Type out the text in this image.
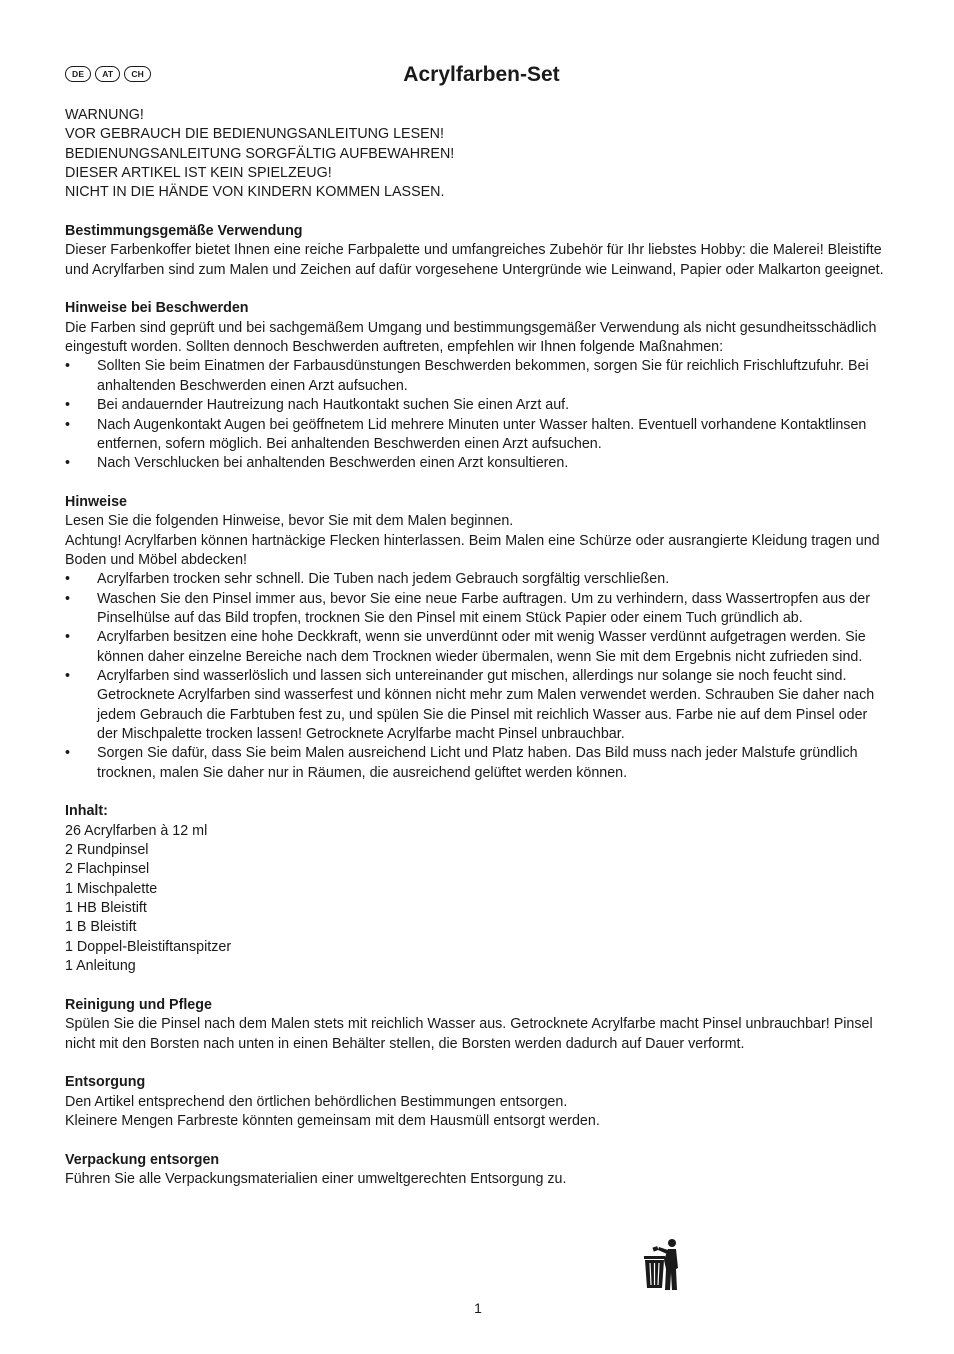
DE	AT	CH	Acrylfarben-Set

WARNUNG!

VOR GEBRAUCH DIE BEDIENUNGSANLEITUNG LESEN!

BEDIENUNGSANLEITUNG SORGFÄLTIG AUFBEWAHREN!

DIESER ARTIKEL IST KEIN SPIELZEUG!

NICHT IN DIE HÄNDE VON KINDERN KOMMEN LASSEN.

Bestimmungsgemäße Verwendung

Dieser Farbenkoffer bietet Ihnen eine reiche Farbpalette und umfangreiches Zubehör für Ihr liebstes Hobby: die Malerei! Bleistifte und Acrylfarben sind zum Malen und Zeichen auf dafür vorgesehene Untergründe wie Leinwand, Papier oder Malkarton geeignet.

Hinweise bei Beschwerden

Die Farben sind geprüft und bei sachgemäßem Umgang und bestimmungsgemäßer Verwendung als nicht gesundheitsschädlich eingestuft worden. Sollten dennoch Beschwerden auftreten, empfehlen wir Ihnen folgende Maßnahmen:

• Sollten Sie beim Einatmen der Farbausdünstungen Beschwerden bekommen, sorgen Sie für reichlich Frischluftzufuhr. Bei anhaltenden Beschwerden einen Arzt aufsuchen.
• Bei andauernder Hautreizung nach Hautkontakt suchen Sie einen Arzt auf.
• Nach Augenkontakt Augen bei geöffnetem Lid mehrere Minuten unter Wasser halten. Eventuell vorhandene Kontaktlinsen entfernen, sofern möglich. Bei anhaltenden Beschwerden einen Arzt aufsuchen.
• Nach Verschlucken bei anhaltenden Beschwerden einen Arzt konsultieren.
Hinweise

Lesen Sie die folgenden Hinweise, bevor Sie mit dem Malen beginnen.

Achtung! Acrylfarben können hartnäckige Flecken hinterlassen. Beim Malen eine Schürze oder ausrangierte Kleidung tragen und Boden und Möbel abdecken!

• Acrylfarben trocken sehr schnell. Die Tuben nach jedem Gebrauch sorgfältig verschließen.
• Waschen Sie den Pinsel immer aus, bevor Sie eine neue Farbe auftragen. Um zu verhindern, dass Wassertropfen aus der Pinselhülse auf das Bild tropfen, trocknen Sie den Pinsel mit einem Stück Papier oder einem Tuch gründlich ab.
• Acrylfarben besitzen eine hohe Deckkraft, wenn sie unverdünnt oder mit wenig Wasser verdünnt aufgetragen werden. Sie können daher einzelne Bereiche nach dem Trocknen wieder übermalen, wenn Sie mit dem Ergebnis nicht zufrieden sind.
• Acrylfarben sind wasserlöslich und lassen sich untereinander gut mischen, allerdings nur solange sie noch feucht sind. Getrocknete Acrylfarben sind wasserfest und können nicht mehr zum Malen verwendet werden. Schrauben Sie daher nach jedem Gebrauch die Farbtuben fest zu, und spülen Sie die Pinsel mit reichlich Wasser aus. Farbe nie auf dem Pinsel oder der Mischpalette trocken lassen! Getrocknete Acrylfarbe macht Pinsel unbrauchbar.
• Sorgen Sie dafür, dass Sie beim Malen ausreichend Licht und Platz haben. Das Bild muss nach jeder Malstufe gründlich trocknen, malen Sie daher nur in Räumen, die ausreichend gelüftet werden können.
Inhalt:

26 Acrylfarben à 12 ml

2 Rundpinsel

2 Flachpinsel

1 Mischpalette

1 HB Bleistift

1 B Bleistift

1 Doppel-Bleistiftanspitzer

1 Anleitung

Reinigung und Pflege

Spülen Sie die Pinsel nach dem Malen stets mit reichlich Wasser aus. Getrocknete Acrylfarbe macht Pinsel unbrauchbar! Pinsel nicht mit den Borsten nach unten in einen Behälter stellen, die Borsten werden dadurch auf Dauer verformt.

Entsorgung

Den Artikel entsprechend den örtlichen behördlichen Bestimmungen entsorgen.

Kleinere Mengen Farbreste könnten gemeinsam mit dem Hausmüll entsorgt werden.

Verpackung entsorgen

Führen Sie alle Verpackungsmaterialien einer umweltgerechten Entsorgung zu.

1
